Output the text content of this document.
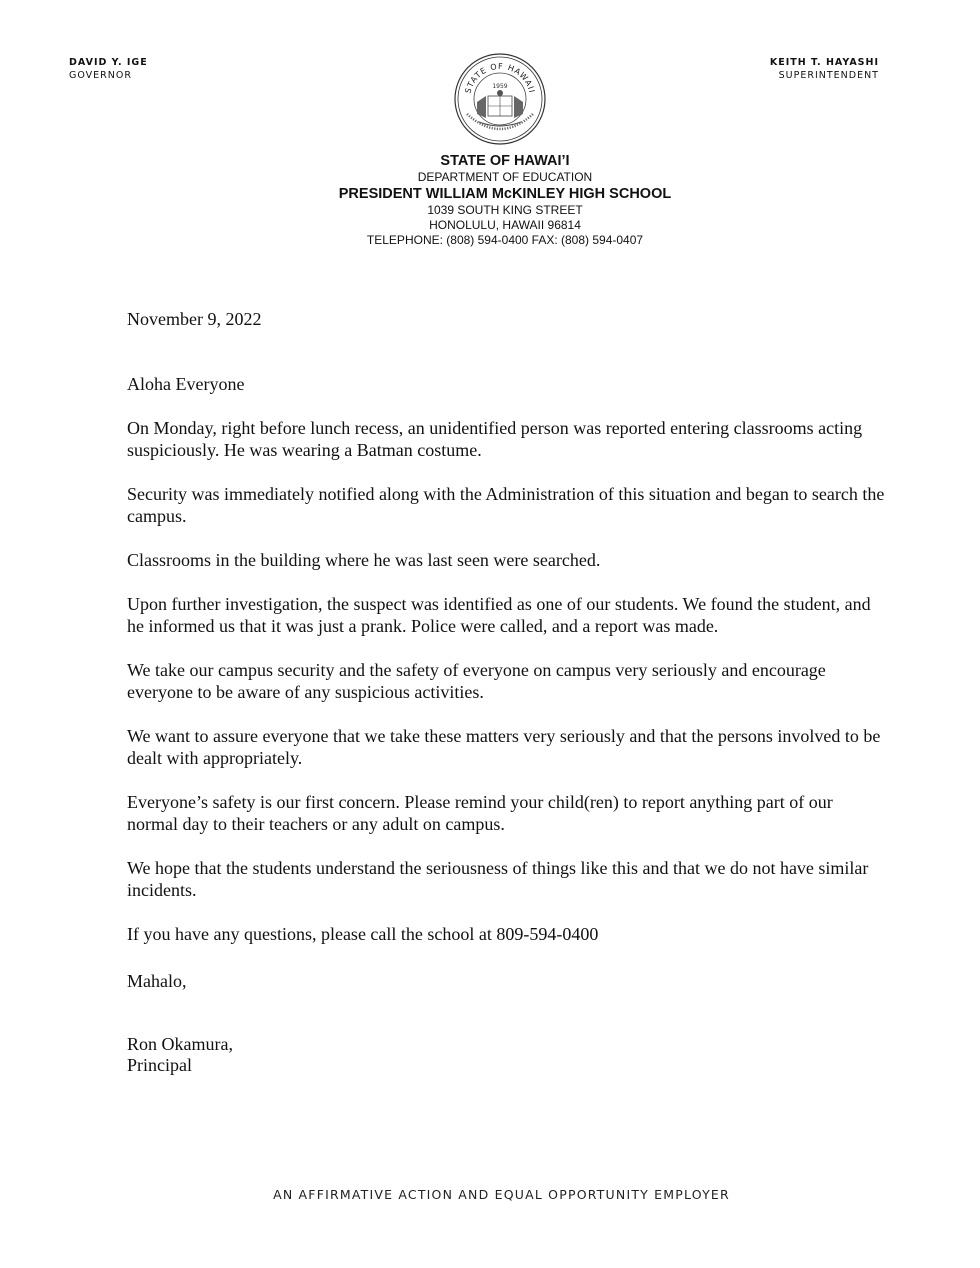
DAVID Y. IGE
GOVERNOR
KEITH T. HAYASHI
SUPERINTENDENT
STATE OF HAWAII
1959
STATE OF HAWAI’I
DEPARTMENT OF EDUCATION
PRESIDENT WILLIAM McKINLEY HIGH SCHOOL
1039 SOUTH KING STREET
HONOLULU, HAWAII 96814
TELEPHONE: (808) 594-0400 FAX: (808) 594-0407
November 9, 2022
Aloha Everyone

On Monday, right before lunch recess, an unidentified person was reported entering classrooms acting suspiciously. He was wearing a Batman costume.

Security was immediately notified along with the Administration of this situation and began to search the campus.

Classrooms in the building where he was last seen were searched.

Upon further investigation, the suspect was identified as one of our students. We found the student, and he informed us that it was just a prank. Police were called, and a report was made.

We take our campus security and the safety of everyone on campus very seriously and encourage everyone to be aware of any suspicious activities.

We want to assure everyone that we take these matters very seriously and that the persons involved to be dealt with appropriately.

Everyone’s safety is our first concern. Please remind your child(ren) to report anything part of our normal day to their teachers or any adult on campus.

We hope that the students understand the seriousness of things like this and that we do not have similar incidents.

If you have any questions, please call the school at 809-594-0400

Mahalo,
Ron Okamura,
Principal
AN AFFIRMATIVE ACTION AND EQUAL OPPORTUNITY EMPLOYER
